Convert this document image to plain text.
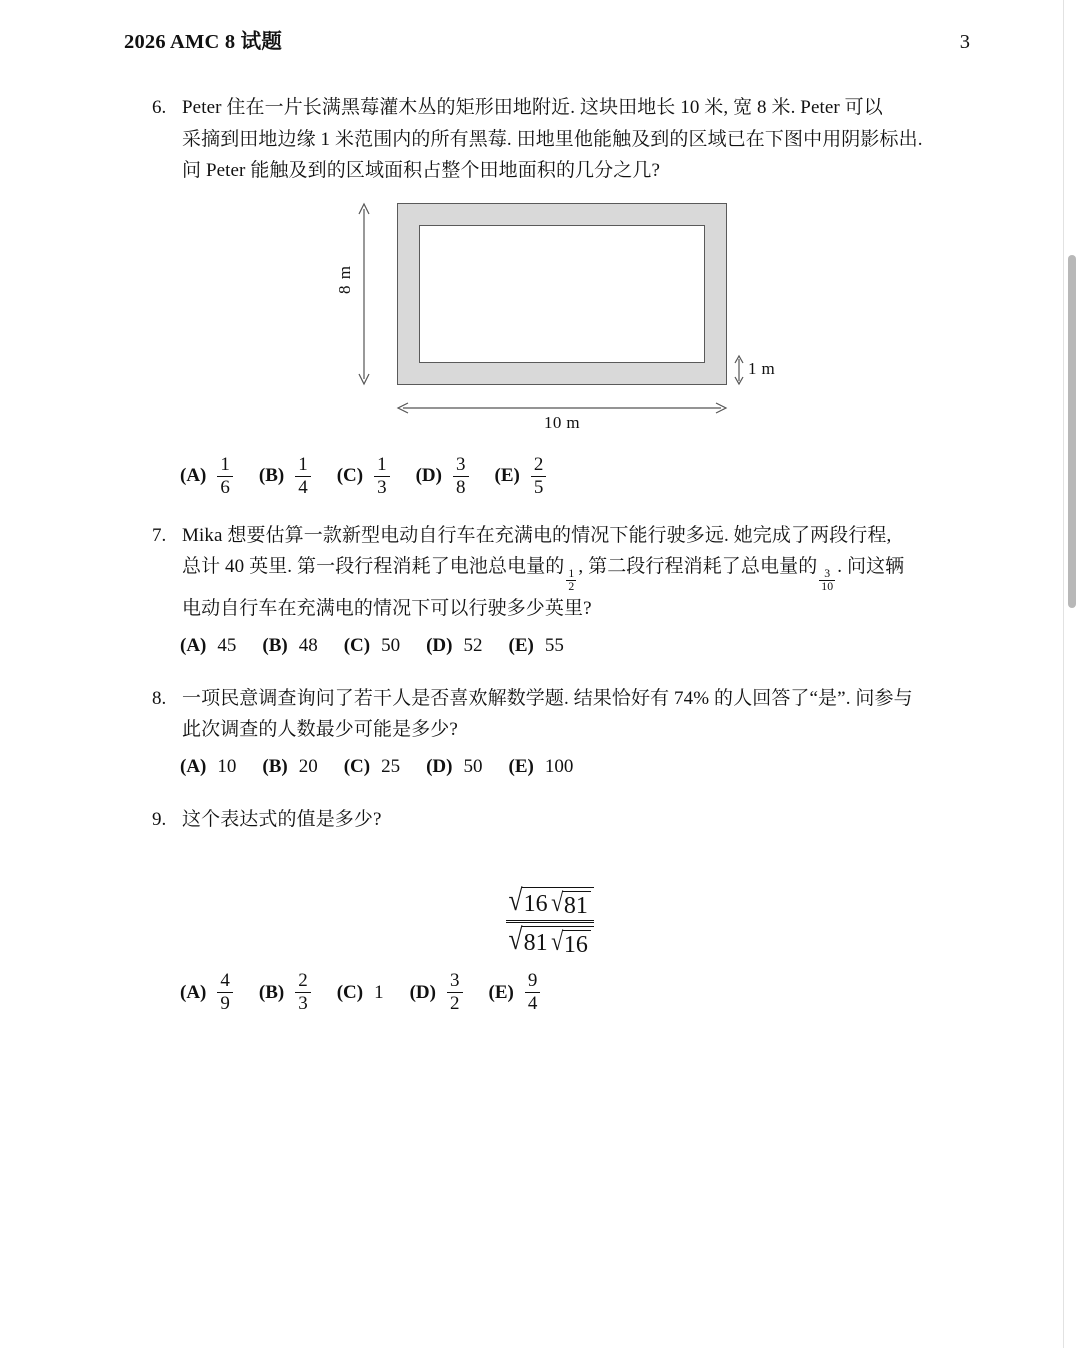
2026 AMC 8 试题	3
6. Peter 住在一片长满黑莓灌木丛的矩形田地附近. 这块田地长 10 米, 宽 8 米. Peter 可以
采摘到田地边缘 1 米范围内的所有黑莓. 田地里他能触及到的区域已在下图中用阴影标出.
问 Peter 能触及到的区域面积占整个田地面积的几分之几?
8 m
10 m
1 m
$(A) \frac{1}{6} (B) \frac{1}{4} (C) \frac{1}{3} (D) \frac{3}{8} (E) \frac{2}{5}$
7. Mika 想要估算一款新型电动自行车在充满电的情况下能行驶多远. 她完成了两段行程,
总计 40 英里. 第一段行程消耗了电池总电量的
$\frac{1}{2}$
, 第二段行程消耗了总电量的
$\frac{3}{10}$
. 问这辆
电动自行车在充满电的情况下可以行驶多少英里?
(A) 45 (B) 48 (C) 50 (D) 52 (E) 55
8. 一项民意调查询问了若干人是否喜欢解数学题. 结果恰好有 74% 的人回答了“是”. 问参与
此次调查的人数最少可能是多少?
(A) 10 (B) 20 (C) 25 (D) 50 (E) 100
9. 这个表达式的值是多少?
√ 16 √ 81
√ 81 √ 16
$(A) \frac{4}{9} (B) \frac{2}{3} (C)$ 1 $(D) \frac{3}{2} (E) \frac{9}{4}$
